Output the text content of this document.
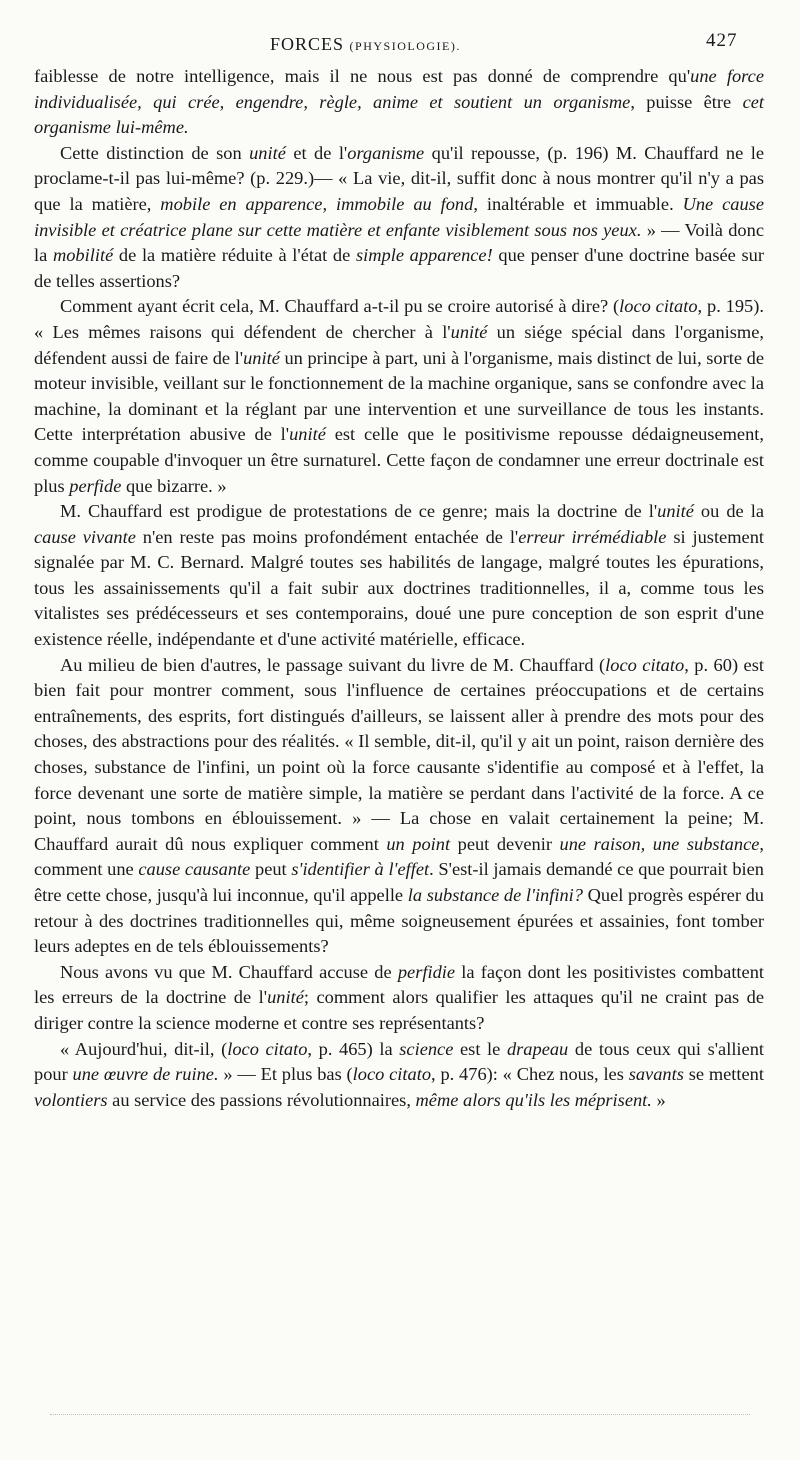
FORCES (PHYSIOLOGIE).	427

faiblesse de notre intelligence, mais il ne nous est pas donné de comprendre qu'une force individualisée, qui crée, engendre, règle, anime et soutient un organisme, puisse être cet organisme lui-même.

Cette distinction de son unité et de l'organisme qu'il repousse, (p. 196) M. Chauffard ne le proclame-t-il pas lui-même? (p. 229.)— « La vie, dit-il, suffit donc à nous montrer qu'il n'y a pas que la matière, mobile en apparence, immobile au fond, inaltérable et immuable. Une cause invisible et créatrice plane sur cette matière et enfante visiblement sous nos yeux. » — Voilà donc la mobilité de la matière réduite à l'état de simple apparence! que penser d'une doctrine basée sur de telles assertions?

Comment ayant écrit cela, M. Chauffard a-t-il pu se croire autorisé à dire? (loco citato, p. 195). « Les mêmes raisons qui défendent de chercher à l'unité un siége spécial dans l'organisme, défendent aussi de faire de l'unité un principe à part, uni à l'organisme, mais distinct de lui, sorte de moteur invisible, veillant sur le fonctionnement de la machine organique, sans se confondre avec la machine, la dominant et la réglant par une intervention et une surveillance de tous les instants. Cette interprétation abusive de l'unité est celle que le positivisme repousse dédaigneusement, comme coupable d'invoquer un être surnaturel. Cette façon de condamner une erreur doctrinale est plus perfide que bizarre. »

M. Chauffard est prodigue de protestations de ce genre; mais la doctrine de l'unité ou de la cause vivante n'en reste pas moins profondément entachée de l'erreur irrémédiable si justement signalée par M. C. Bernard. Malgré toutes ses habilités de langage, malgré toutes les épurations, tous les assainissements qu'il a fait subir aux doctrines traditionnelles, il a, comme tous les vitalistes ses prédécesseurs et ses contemporains, doué une pure conception de son esprit d'une existence réelle, indépendante et d'une activité matérielle, efficace.

Au milieu de bien d'autres, le passage suivant du livre de M. Chauffard (loco citato, p. 60) est bien fait pour montrer comment, sous l'influence de certaines préoccupations et de certains entraînements, des esprits, fort distingués d'ailleurs, se laissent aller à prendre des mots pour des choses, des abstractions pour des réalités. « Il semble, dit-il, qu'il y ait un point, raison dernière des choses, substance de l'infini, un point où la force causante s'identifie au composé et à l'effet, la force devenant une sorte de matière simple, la matière se perdant dans l'activité de la force. A ce point, nous tombons en éblouissement. » — La chose en valait certainement la peine; M. Chauffard aurait dû nous expliquer comment un point peut devenir une raison, une substance, comment une cause causante peut s'identifier à l'effet. S'est-il jamais demandé ce que pourrait bien être cette chose, jusqu'à lui inconnue, qu'il appelle la substance de l'infini? Quel progrès espérer du retour à des doctrines traditionnelles qui, même soigneusement épurées et assainies, font tomber leurs adeptes en de tels éblouissements?

Nous avons vu que M. Chauffard accuse de perfidie la façon dont les positivistes combattent les erreurs de la doctrine de l'unité; comment alors qualifier les attaques qu'il ne craint pas de diriger contre la science moderne et contre ses représentants?

« Aujourd'hui, dit-il, (loco citato, p. 465) la science est le drapeau de tous ceux qui s'allient pour une œuvre de ruine. » — Et plus bas (loco citato, p. 476): « Chez nous, les savants se mettent volontiers au service des passions révolutionnaires, même alors qu'ils les méprisent. »
